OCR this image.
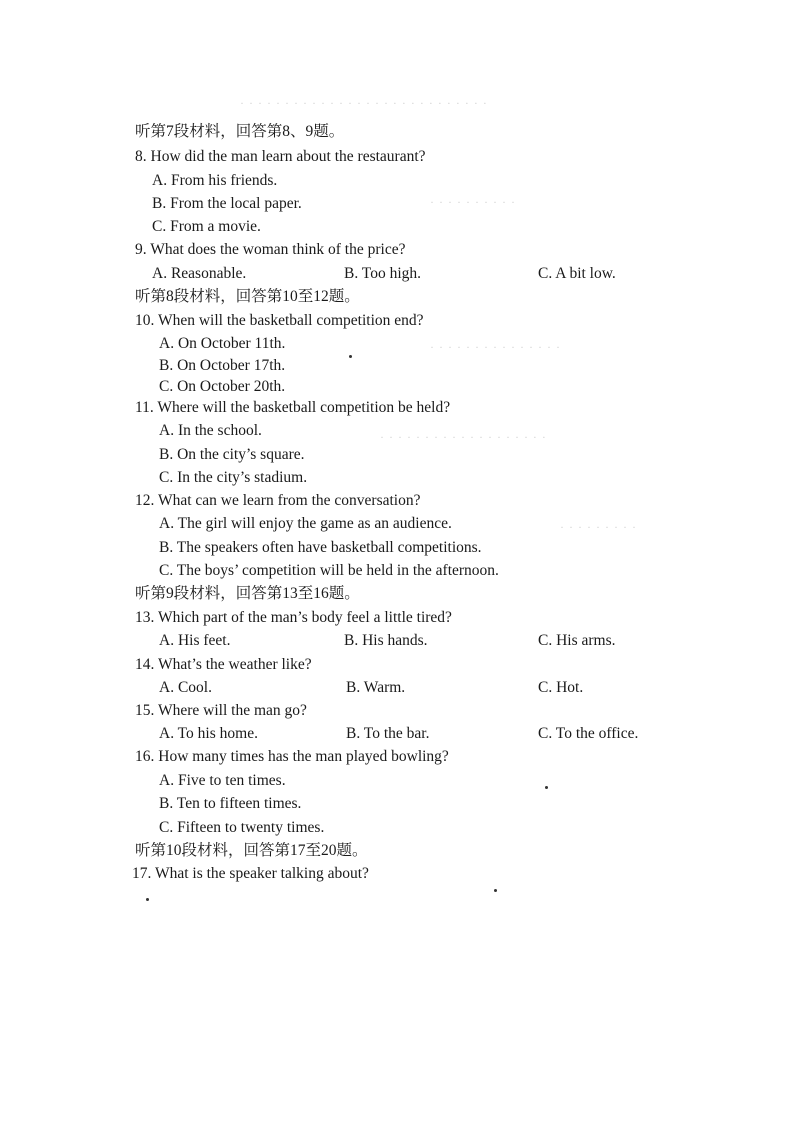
· · · · · · · · · · · · · · · · · · · · · · · · · · · ·
· · · · · · · · · ·
· · · · · · · · · · · · · · ·
· · · · · · · · · · · · · · · · · · ·
· · · · · · · · ·
听第7段材料，回答第8、9题。
8. How did the man learn about the restaurant?
A. From his friends.
B. From the local paper.
C. From a movie.
9. What does the woman think of the price?
A. Reasonable.	B. Too high.	C. A bit low.
听第8段材料，回答第10至12题。
10. When will the basketball competition end?
A. On October 11th.
B. On October 17th.
C. On October 20th.
11. Where will the basketball competition be held?
A. In the school.
B. On the city’s square.
C. In the city’s stadium.
12. What can we learn from the conversation?
A. The girl will enjoy the game as an audience.
B. The speakers often have basketball competitions.
C. The boys’ competition will be held in the afternoon.
听第9段材料，回答第13至16题。
13. Which part of the man’s body feel a little tired?
A. His feet.	B. His hands.	C. His arms.
14. What’s the weather like?
A. Cool.	B. Warm.	C. Hot.
15. Where will the man go?
A. To his home.	B. To the bar.	C. To the office.
16. How many times has the man played bowling?
A. Five to ten times.
B. Ten to fifteen times.
C. Fifteen to twenty times.
听第10段材料，回答第17至20题。
17. What is the speaker talking about?
